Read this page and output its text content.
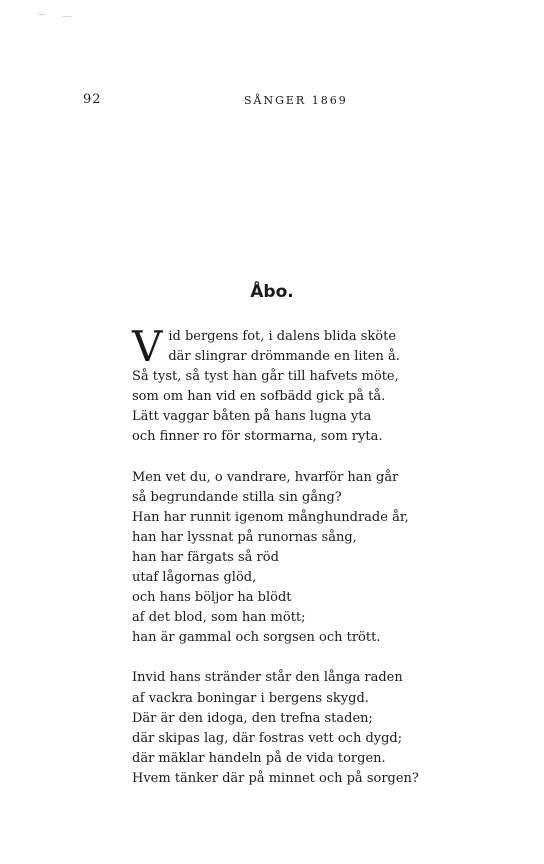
92	SÅNGER 1869
Åbo.
V id bergens fot, i dalens blida sköte
där slingrar drömmande en liten å.
Så tyst, så tyst han går till hafvets möte,
som om han vid en sofbädd gick på tå.
Lätt vaggar båten på hans lugna yta
och finner ro för stormarna, som ryta.
Men vet du, o vandrare, hvarför han går
så begrundande stilla sin gång?
Han har runnit igenom månghundrade år,
han har lyssnat på runornas sång,
han har färgats så röd
utaf lågornas glöd,
och hans böljor ha blödt
af det blod, som han mött;
han är gammal och sorgsen och trött.
Invid hans stränder står den långa raden
af vackra boningar i bergens skygd.
Där är den idoga, den trefna staden;
där skipas lag, där fostras vett och dygd;
där mäklar handeln på de vida torgen.
Hvem tänker där på minnet och på sorgen?
